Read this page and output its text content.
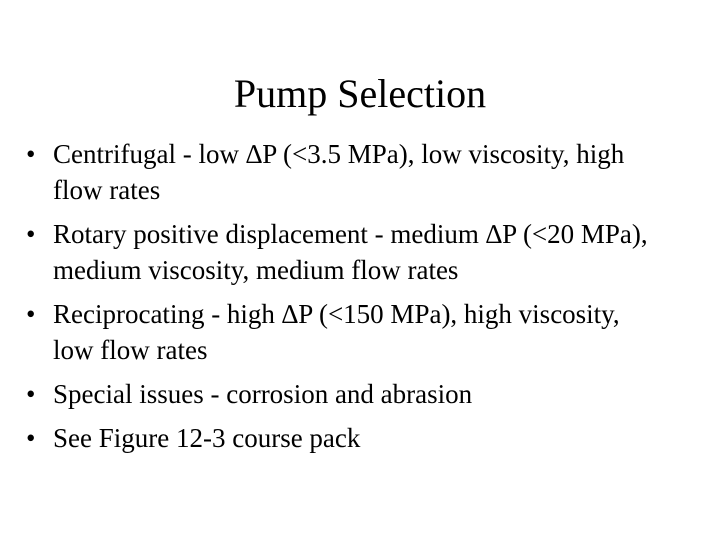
Pump Selection
• Centrifugal - low ∆P (<3.5 MPa), low viscosity, high flow rates
• Rotary positive displacement - medium ∆P (<20 MPa), medium viscosity, medium flow rates
• Reciprocating - high ∆P (<150 MPa), high viscosity, low flow rates
• Special issues - corrosion and abrasion
• See Figure 12-3 course pack
